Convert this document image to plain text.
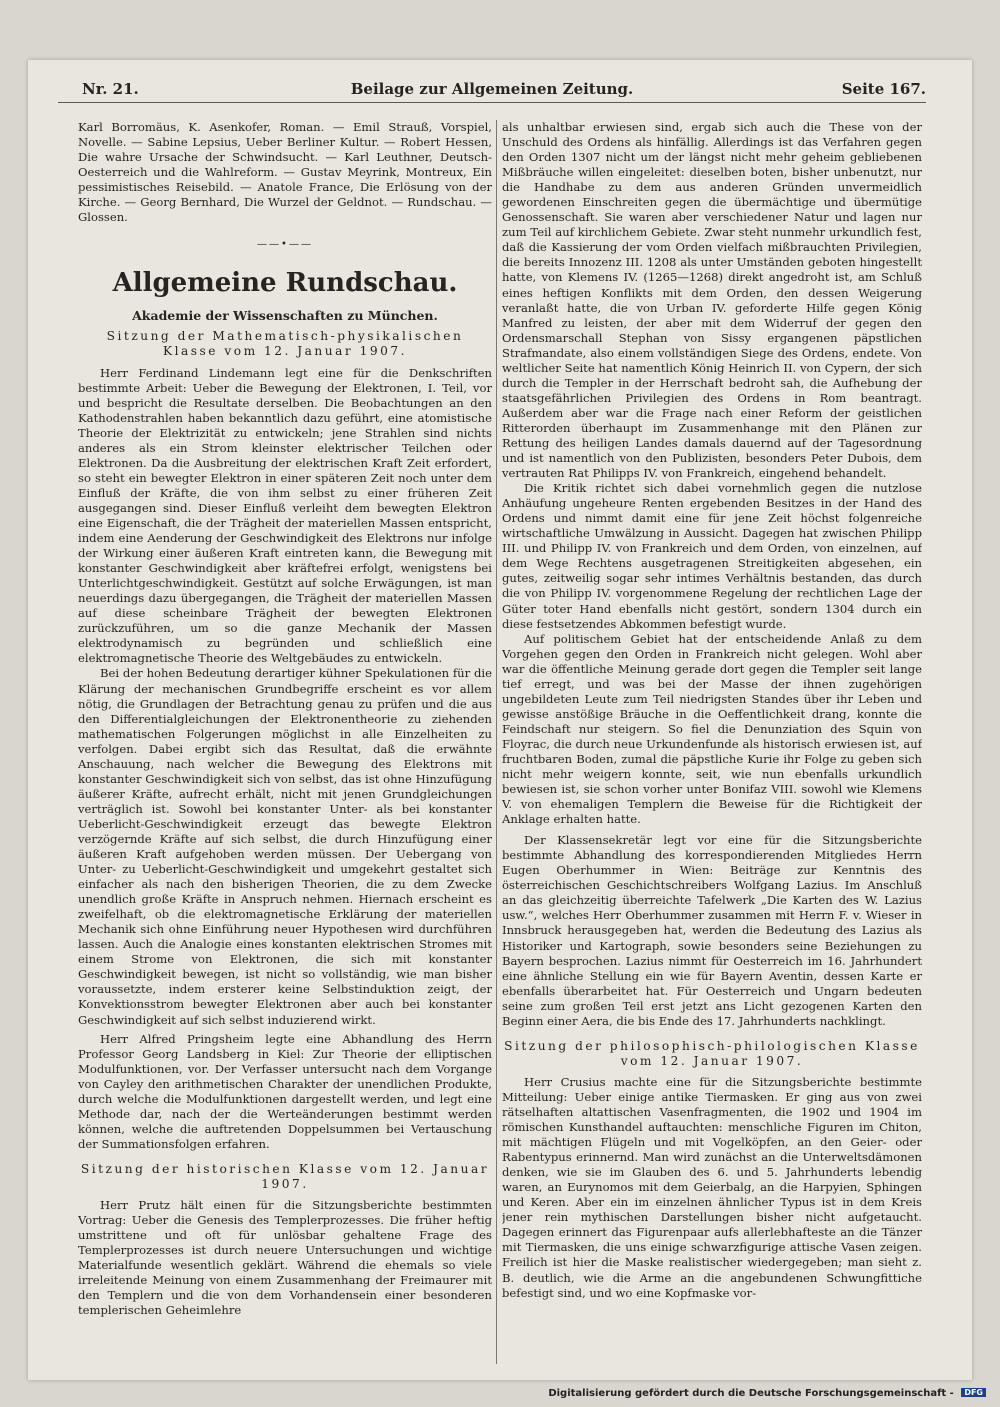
Nr. 21.	Beilage zur Allgemeinen Zeitung.	Seite 167.

Karl Borromäus, K. Asenkofer, Roman. — Emil Strauß, Vorspiel, Novelle. — Sabine Lepsius, Ueber Berliner Kultur. — Robert Hessen, Die wahre Ursache der Schwindsucht. — Karl Leuthner, Deutsch-Oesterreich und die Wahlreform. — Gustav Meyrink, Montreux, Ein pessimistisches Reisebild. — Anatole France, Die Erlösung von der Kirche. — Georg Bernhard, Die Wurzel der Geldnot. — Rundschau. — Glossen.

——•——
Allgemeine Rundschau.
Akademie der Wissenschaften zu München.
Sitzung der Mathematisch-physikalischen Klasse vom 12. Januar 1907.

Herr Ferdinand Lindemann legt eine für die Denkschriften bestimmte Arbeit: Ueber die Bewegung der Elektronen, I. Teil, vor und bespricht die Resultate derselben. Die Beobachtungen an den Kathodenstrahlen haben bekanntlich dazu geführt, eine atomistische Theorie der Elektrizität zu entwickeln; jene Strahlen sind nichts anderes als ein Strom kleinster elektrischer Teilchen oder Elektronen. Da die Ausbreitung der elektrischen Kraft Zeit erfordert, so steht ein bewegter Elektron in einer späteren Zeit noch unter dem Einfluß der Kräfte, die von ihm selbst zu einer früheren Zeit ausgegangen sind. Dieser Einfluß verleiht dem bewegten Elektron eine Eigenschaft, die der Trägheit der materiellen Massen entspricht, indem eine Aenderung der Geschwindigkeit des Elektrons nur infolge der Wirkung einer äußeren Kraft eintreten kann, die Bewegung mit konstanter Geschwindigkeit aber kräftefrei erfolgt, wenigstens bei Unterlichtgeschwindigkeit. Gestützt auf solche Erwägungen, ist man neuerdings dazu übergegangen, die Trägheit der materiellen Massen auf diese scheinbare Trägheit der bewegten Elektronen zurückzuführen, um so die ganze Mechanik der Massen elektrodynamisch zu begründen und schließlich eine elektromagnetische Theorie des Weltgebäudes zu entwickeln.

Bei der hohen Bedeutung derartiger kühner Spekulationen für die Klärung der mechanischen Grundbegriffe erscheint es vor allem nötig, die Grundlagen der Betrachtung genau zu prüfen und die aus den Differentialgleichungen der Elektronentheorie zu ziehenden mathematischen Folgerungen möglichst in alle Einzelheiten zu verfolgen. Dabei ergibt sich das Resultat, daß die erwähnte Anschauung, nach welcher die Bewegung des Elektrons mit konstanter Geschwindigkeit sich von selbst, das ist ohne Hinzufügung äußerer Kräfte, aufrecht erhält, nicht mit jenen Grundgleichungen verträglich ist. Sowohl bei konstanter Unter- als bei konstanter Ueberlicht-Geschwindigkeit erzeugt das bewegte Elektron verzögernde Kräfte auf sich selbst, die durch Hinzufügung einer äußeren Kraft aufgehoben werden müssen. Der Uebergang von Unter- zu Ueberlicht-Geschwindigkeit und umgekehrt gestaltet sich einfacher als nach den bisherigen Theorien, die zu dem Zwecke unendlich große Kräfte in Anspruch nehmen. Hiernach erscheint es zweifelhaft, ob die elektromagnetische Erklärung der materiellen Mechanik sich ohne Einführung neuer Hypothesen wird durchführen lassen. Auch die Analogie eines konstanten elektrischen Stromes mit einem Strome von Elektronen, die sich mit konstanter Geschwindigkeit bewegen, ist nicht so vollständig, wie man bisher voraussetzte, indem ersterer keine Selbstinduktion zeigt, der Konvektionsstrom bewegter Elektronen aber auch bei konstanter Geschwindigkeit auf sich selbst induzierend wirkt.

Herr Alfred Pringsheim legte eine Abhandlung des Herrn Professor Georg Landsberg in Kiel: Zur Theorie der elliptischen Modulfunktionen, vor. Der Verfasser untersucht nach dem Vorgange von Cayley den arithmetischen Charakter der unendlichen Produkte, durch welche die Modulfunktionen dargestellt werden, und legt eine Methode dar, nach der die Werteänderungen bestimmt werden können, welche die auftretenden Doppelsummen bei Vertauschung der Summationsfolgen erfahren.

Sitzung der historischen Klasse vom 12. Januar 1907.

Herr Prutz hält einen für die Sitzungsberichte bestimmten Vortrag: Ueber die Genesis des Templerprozesses. Die früher heftig umstrittene und oft für unlösbar gehaltene Frage des Templerprozesses ist durch neuere Untersuchungen und wichtige Materialfunde wesentlich geklärt. Während die ehemals so viele irreleitende Meinung von einem Zusammenhang der Freimaurer mit den Templern und die von dem Vorhandensein einer besonderen templerischen Geheimlehre

als unhaltbar erwiesen sind, ergab sich auch die These von der Unschuld des Ordens als hinfällig. Allerdings ist das Verfahren gegen den Orden 1307 nicht um der längst nicht mehr geheim gebliebenen Mißbräuche willen eingeleitet: dieselben boten, bisher unbenutzt, nur die Handhabe zu dem aus anderen Gründen unvermeidlich gewordenen Einschreiten gegen die übermächtige und übermütige Genossenschaft. Sie waren aber verschiedener Natur und lagen nur zum Teil auf kirchlichem Gebiete. Zwar steht nunmehr urkundlich fest, daß die Kassierung der vom Orden vielfach mißbrauchten Privilegien, die bereits Innozenz III. 1208 als unter Umständen geboten hingestellt hatte, von Klemens IV. (1265—1268) direkt angedroht ist, am Schluß eines heftigen Konflikts mit dem Orden, den dessen Weigerung veranlaßt hatte, die von Urban IV. geforderte Hilfe gegen König Manfred zu leisten, der aber mit dem Widerruf der gegen den Ordensmarschall Stephan von Sissy ergangenen päpstlichen Strafmandate, also einem vollständigen Siege des Ordens, endete. Von weltlicher Seite hat namentlich König Heinrich II. von Cypern, der sich durch die Templer in der Herrschaft bedroht sah, die Aufhebung der staatsgefährlichen Privilegien des Ordens in Rom beantragt. Außerdem aber war die Frage nach einer Reform der geistlichen Ritterorden überhaupt im Zusammenhange mit den Plänen zur Rettung des heiligen Landes damals dauernd auf der Tagesordnung und ist namentlich von den Publizisten, besonders Peter Dubois, dem vertrauten Rat Philipps IV. von Frankreich, eingehend behandelt.

Die Kritik richtet sich dabei vornehmlich gegen die nutzlose Anhäufung ungeheure Renten ergebenden Besitzes in der Hand des Ordens und nimmt damit eine für jene Zeit höchst folgenreiche wirtschaftliche Umwälzung in Aussicht. Dagegen hat zwischen Philipp III. und Philipp IV. von Frankreich und dem Orden, von einzelnen, auf dem Wege Rechtens ausgetragenen Streitigkeiten abgesehen, ein gutes, zeitweilig sogar sehr intimes Verhältnis bestanden, das durch die von Philipp IV. vorgenommene Regelung der rechtlichen Lage der Güter toter Hand ebenfalls nicht gestört, sondern 1304 durch ein diese festsetzendes Abkommen befestigt wurde.

Auf politischem Gebiet hat der entscheidende Anlaß zu dem Vorgehen gegen den Orden in Frankreich nicht gelegen. Wohl aber war die öffentliche Meinung gerade dort gegen die Templer seit lange tief erregt, und was bei der Masse der ihnen zugehörigen ungebildeten Leute zum Teil niedrigsten Standes über ihr Leben und gewisse anstößige Bräuche in die Oeffentlichkeit drang, konnte die Feindschaft nur steigern. So fiel die Denunziation des Squin von Floyrac, die durch neue Urkundenfunde als historisch erwiesen ist, auf fruchtbaren Boden, zumal die päpstliche Kurie ihr Folge zu geben sich nicht mehr weigern konnte, seit, wie nun ebenfalls urkundlich bewiesen ist, sie schon vorher unter Bonifaz VIII. sowohl wie Klemens V. von ehemaligen Templern die Beweise für die Richtigkeit der Anklage erhalten hatte.

Der Klassensekretär legt vor eine für die Sitzungsberichte bestimmte Abhandlung des korrespondierenden Mitgliedes Herrn Eugen Oberhummer in Wien: Beiträge zur Kenntnis des österreichischen Geschichtschreibers Wolfgang Lazius. Im Anschluß an das gleichzeitig überreichte Tafelwerk „Die Karten des W. Lazius usw.“, welches Herr Oberhummer zusammen mit Herrn F. v. Wieser in Innsbruck herausgegeben hat, werden die Bedeutung des Lazius als Historiker und Kartograph, sowie besonders seine Beziehungen zu Bayern besprochen. Lazius nimmt für Oesterreich im 16. Jahrhundert eine ähnliche Stellung ein wie für Bayern Aventin, dessen Karte er ebenfalls überarbeitet hat. Für Oesterreich und Ungarn bedeuten seine zum großen Teil erst jetzt ans Licht gezogenen Karten den Beginn einer Aera, die bis Ende des 17. Jahrhunderts nachklingt.

Sitzung der philosophisch-philologischen Klasse vom 12. Januar 1907.

Herr Crusius machte eine für die Sitzungsberichte bestimmte Mitteilung: Ueber einige antike Tiermasken. Er ging aus von zwei rätselhaften altattischen Vasenfragmenten, die 1902 und 1904 im römischen Kunsthandel auftauchten: menschliche Figuren im Chiton, mit mächtigen Flügeln und mit Vogelköpfen, an den Geier- oder Rabentypus erinnernd. Man wird zunächst an die Unterweltsdämonen denken, wie sie im Glauben des 6. und 5. Jahrhunderts lebendig waren, an Eurynomos mit dem Geierbalg, an die Harpyien, Sphingen und Keren. Aber ein im einzelnen ähnlicher Typus ist in dem Kreis jener rein mythischen Darstellungen bisher nicht aufgetaucht. Dagegen erinnert das Figurenpaar aufs allerlebhafteste an die Tänzer mit Tiermasken, die uns einige schwarzfigurige attische Vasen zeigen. Freilich ist hier die Maske realistischer wiedergegeben; man sieht z. B. deutlich, wie die Arme an die angebundenen Schwungfittiche befestigt sind, und wo eine Kopfmaske vor-

Digitalisierung gefördert durch die Deutsche Forschungsgemeinschaft - DFG
